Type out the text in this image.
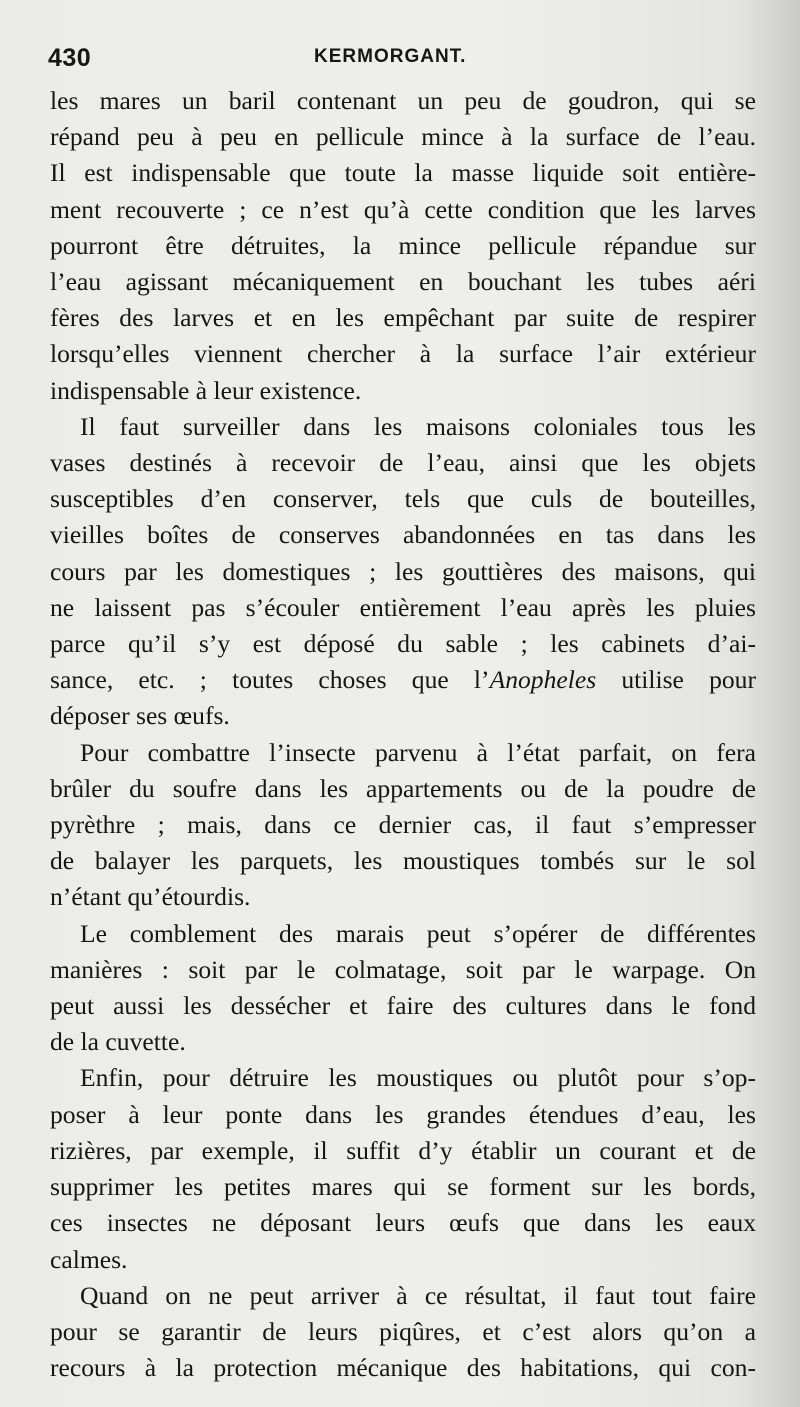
430	KERMORGANT.
les mares un baril contenant un peu de goudron, qui se
répand peu à peu en pellicule mince à la surface de l’eau.
Il est indispensable que toute la masse liquide soit entière-
ment recouverte ; ce n’est qu’à cette condition que les larves
pourront être détruites, la mince pellicule répandue sur
l’eau agissant mécaniquement en bouchant les tubes aéri
fères des larves et en les empêchant par suite de respirer
lorsqu’elles viennent chercher à la surface l’air extérieur
indispensable à leur existence.
Il faut surveiller dans les maisons coloniales tous les
vases destinés à recevoir de l’eau, ainsi que les objets
susceptibles d’en conserver, tels que culs de bouteilles,
vieilles boîtes de conserves abandonnées en tas dans les
cours par les domestiques ; les gouttières des maisons, qui
ne laissent pas s’écouler entièrement l’eau après les pluies
parce qu’il s’y est déposé du sable ; les cabinets d’ai-
sance, etc. ; toutes choses que l’Anopheles utilise pour
déposer ses œufs.
Pour combattre l’insecte parvenu à l’état parfait, on fera
brûler du soufre dans les appartements ou de la poudre de
pyrèthre ; mais, dans ce dernier cas, il faut s’empresser
de balayer les parquets, les moustiques tombés sur le sol
n’étant qu’étourdis.
Le comblement des marais peut s’opérer de différentes
manières : soit par le colmatage, soit par le warpage. On
peut aussi les dessécher et faire des cultures dans le fond
de la cuvette.
Enfin, pour détruire les moustiques ou plutôt pour s’op-
poser à leur ponte dans les grandes étendues d’eau, les
rizières, par exemple, il suffit d’y établir un courant et de
supprimer les petites mares qui se forment sur les bords,
ces insectes ne déposant leurs œufs que dans les eaux
calmes.
Quand on ne peut arriver à ce résultat, il faut tout faire
pour se garantir de leurs piqûres, et c’est alors qu’on a
recours à la protection mécanique des habitations, qui con-
